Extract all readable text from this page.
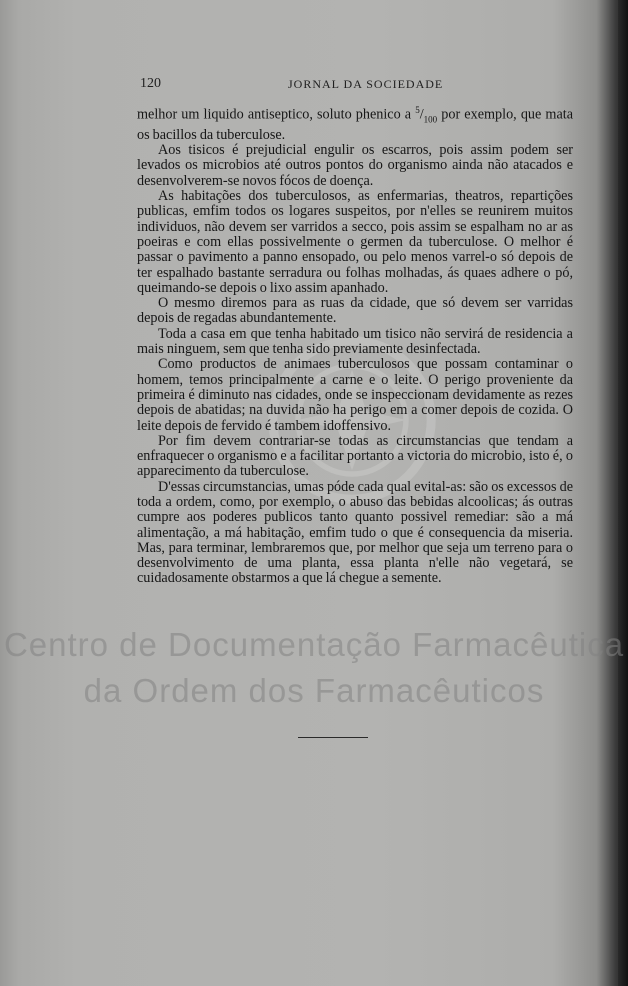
120	JORNAL DA SOCIEDADE

melhor um liquido antiseptico, soluto phenico a $^5/_{100}$ por exemplo, que mata os bacillos da tuberculose.

Aos tisicos é prejudicial engulir os escarros, pois assim podem ser levados os microbios até outros pontos do organismo ainda não atacados e desenvolverem-se novos fócos de doença.

As habitações dos tuberculosos, as enfermarias, theatros, repartições publicas, emfim todos os logares suspeitos, por n'elles se reunirem muitos individuos, não devem ser varridos a secco, pois assim se espalham no ar as poeiras e com ellas possivelmente o germen da tuberculose. O melhor é passar o pavimento a panno ensopado, ou pelo menos varrel-o só depois de ter espalhado bastante serradura ou folhas molhadas, ás quaes adhere o pó, queimando-se depois o lixo assim apanhado.

O mesmo diremos para as ruas da cidade, que só devem ser varridas depois de regadas abundantemente.

Toda a casa em que tenha habitado um tisico não servirá de residencia a mais ninguem, sem que tenha sido previamente desinfectada.

Como productos de animaes tuberculosos que possam contaminar o homem, temos principalmente a carne e o leite. O perigo proveniente da primeira é diminuto nas cidades, onde se inspeccionam devidamente as rezes depois de abatidas; na duvida não ha perigo em a comer depois de cozida. O leite depois de fervido é tambem idoffensivo.

Por fim devem contrariar-se todas as circumstancias que tendam a enfraquecer o organismo e a facilitar portanto a victoria do microbio, isto é, o apparecimento da tuberculose.

D'essas circumstancias, umas póde cada qual evital-as: são os excessos de toda a ordem, como, por exemplo, o abuso das bebidas alcoolicas; ás outras cumpre aos poderes publicos tanto quanto possivel remediar: são a má alimentação, a má habitação, emfim tudo o que é consequencia da miseria. Mas, para terminar, lembraremos que, por melhor que seja um terreno para o desenvolvimento de uma planta, essa planta n'elle não vegetará, se cuidadosamente obstarmos a que lá chegue a semente.

Centro de Documentação Farmacêutica
da Ordem dos Farmacêuticos
